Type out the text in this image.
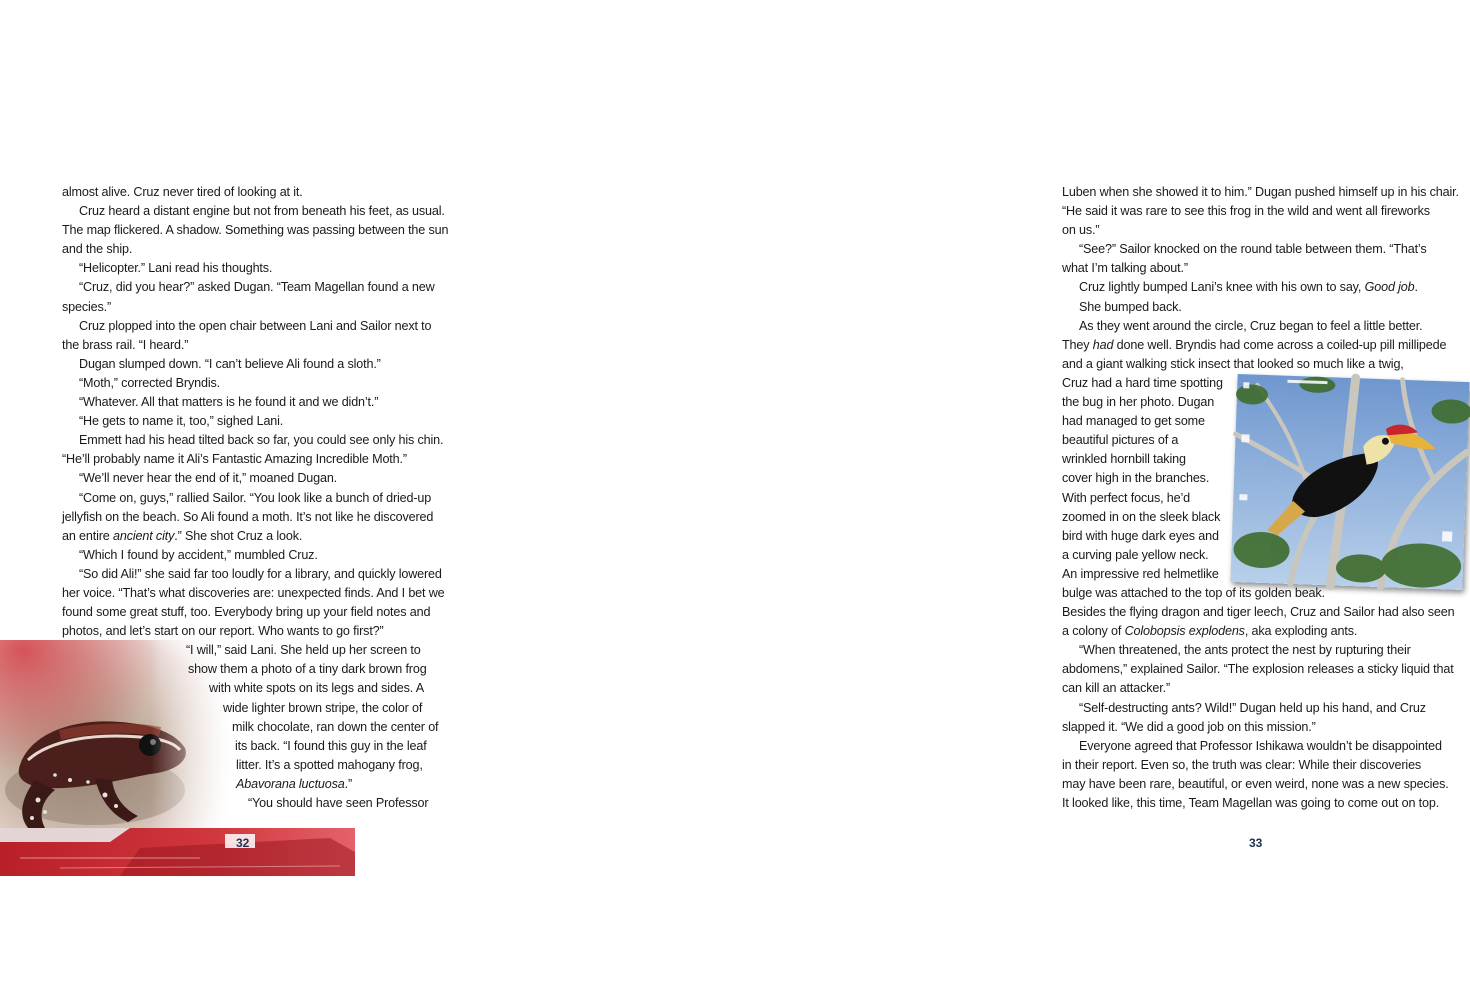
almost alive. Cruz never tired of looking at it.
Cruz heard a distant engine but not from beneath his feet, as usual.
The map flickered. A shadow. Something was passing between the sun
and the ship.
“Helicopter.” Lani read his thoughts.
“Cruz, did you hear?” asked Dugan. “Team Magellan found a new
species.”
Cruz plopped into the open chair between Lani and Sailor next to
the brass rail. “I heard.”
Dugan slumped down. “I can’t believe Ali found a sloth.”
“Moth,” corrected Bryndis.
“Whatever. All that matters is he found it and we didn’t.”
“He gets to name it, too,” sighed Lani.
Emmett had his head tilted back so far, you could see only his chin.
“He’ll probably name it Ali’s Fantastic Amazing Incredible Moth.”
“We’ll never hear the end of it,” moaned Dugan.
“Come on, guys,” rallied Sailor. “You look like a bunch of dried-up
jellyfish on the beach. So Ali found a moth. It’s not like he discovered
an entire ancient city.” She shot Cruz a look.
“Which I found by accident,” mumbled Cruz.
“So did Ali!” she said far too loudly for a library, and quickly lowered
her voice. “That’s what discoveries are: unexpected finds. And I bet we
found some great stuff, too. Everybody bring up your field notes and
photos, and let’s start on our report. Who wants to go first?”
“I will,” said Lani. She held up her screen to
show them a photo of a tiny dark brown frog
with white spots on its legs and sides. A
wide lighter brown stripe, the color of
milk chocolate, ran down the center of
its back. “I found this guy in the leaf
litter. It’s a spotted mahogany frog,
Abavorana luctuosa.”
“You should have seen Professor
32
Luben when she showed it to him.” Dugan pushed himself up in his chair.
“He said it was rare to see this frog in the wild and went all fireworks
on us.”
“See?” Sailor knocked on the round table between them. “That’s
what I’m talking about.”
Cruz lightly bumped Lani’s knee with his own to say, Good job.
She bumped back.
As they went around the circle, Cruz began to feel a little better.
They had done well. Bryndis had come across a coiled-up pill millipede
and a giant walking stick insect that looked so much like a twig,
Cruz had a hard time spotting
the bug in her photo. Dugan
had managed to get some
beautiful pictures of a
wrinkled hornbill taking
cover high in the branches.
With perfect focus, he’d
zoomed in on the sleek black
bird with huge dark eyes and
a curving pale yellow neck.
An impressive red helmetlike
bulge was attached to the top of its golden beak.
Besides the flying dragon and tiger leech, Cruz and Sailor had also seen
a colony of Colobopsis explodens, aka exploding ants.
“When threatened, the ants protect the nest by rupturing their
abdomens,” explained Sailor. “The explosion releases a sticky liquid that
can kill an attacker.”
“Self-destructing ants? Wild!” Dugan held up his hand, and Cruz
slapped it. “We did a good job on this mission.”
Everyone agreed that Professor Ishikawa wouldn’t be disappointed
in their report. Even so, the truth was clear: While their discoveries
may have been rare, beautiful, or even weird, none was a new species.
It looked like, this time, Team Magellan was going to come out on top.
33
